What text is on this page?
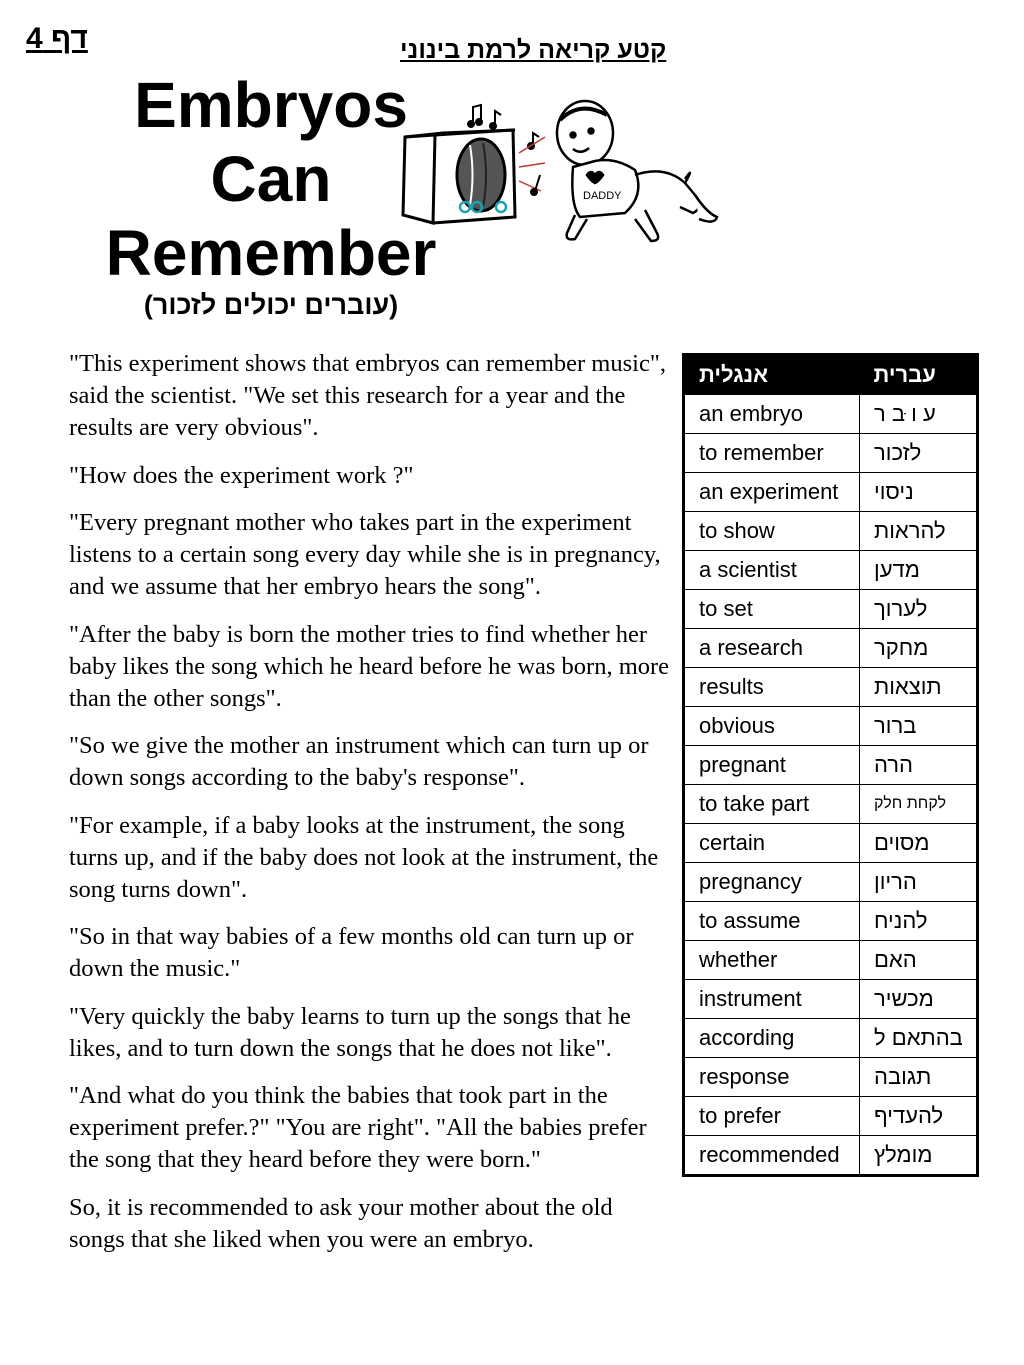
דף 4	קטע קריאה לרמת בינוני
Embryos
Can
Remember
(עוברים יכולים לזכור)
DADDY

"This experiment shows that embryos can remember music", said the scientist. "We set this research for a year and the results are very obvious".

"How does the experiment work ?"

"Every pregnant mother who takes part in the experiment listens to a certain song every day while she is in pregnancy, and we assume that her embryo hears the song".

"After the baby is born the mother tries to find whether her baby likes the song which he heard before he was born, more than the other songs".

"So we give the mother an instrument which can turn up or down songs according to the baby's response".

"For example, if a baby looks at the instrument, the song turns up, and if the baby does not look at the instrument, the song turns down".

"So in that way babies of a few months old can turn up or down the music."

"Very quickly the baby learns to turn up the songs that he likes, and to turn down the songs that he does not like".

"And what do you think the babies that took part in the experiment prefer.?" "You are right". "All the babies prefer the song that they heard before they were born."

So, it is recommended to ask your mother about the old songs that she liked when you were an embryo.

אנגלית	עברית
an embryo	ע ו ּב ר
to remember	לזכור
an experiment	ניסוי
to show	להראות
a scientist	מדען
to set	לערוך
a research	מחקר
results	תוצאות
obvious	ברור
pregnant	הרה
to take part	לקחת חלק
certain	מסוים
pregnancy	הריון
to assume	להניח
whether	האם
instrument	מכשיר
according	בהתאם ל
response	תגובה
to prefer	להעדיף
recommended	מומלץ
